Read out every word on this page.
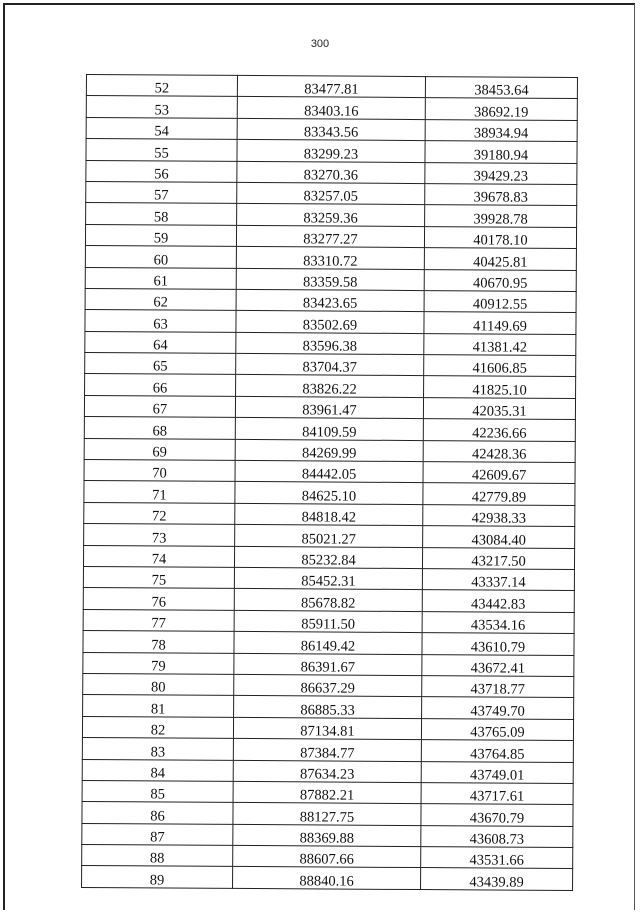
300
52	83477.81	38453.64
53	83403.16	38692.19
54	83343.56	38934.94
55	83299.23	39180.94
56	83270.36	39429.23
57	83257.05	39678.83
58	83259.36	39928.78
59	83277.27	40178.10
60	83310.72	40425.81
61	83359.58	40670.95
62	83423.65	40912.55
63	83502.69	41149.69
64	83596.38	41381.42
65	83704.37	41606.85
66	83826.22	41825.10
67	83961.47	42035.31
68	84109.59	42236.66
69	84269.99	42428.36
70	84442.05	42609.67
71	84625.10	42779.89
72	84818.42	42938.33
73	85021.27	43084.40
74	85232.84	43217.50
75	85452.31	43337.14
76	85678.82	43442.83
77	85911.50	43534.16
78	86149.42	43610.79
79	86391.67	43672.41
80	86637.29	43718.77
81	86885.33	43749.70
82	87134.81	43765.09
83	87384.77	43764.85
84	87634.23	43749.01
85	87882.21	43717.61
86	88127.75	43670.79
87	88369.88	43608.73
88	88607.66	43531.66
89	88840.16	43439.89
